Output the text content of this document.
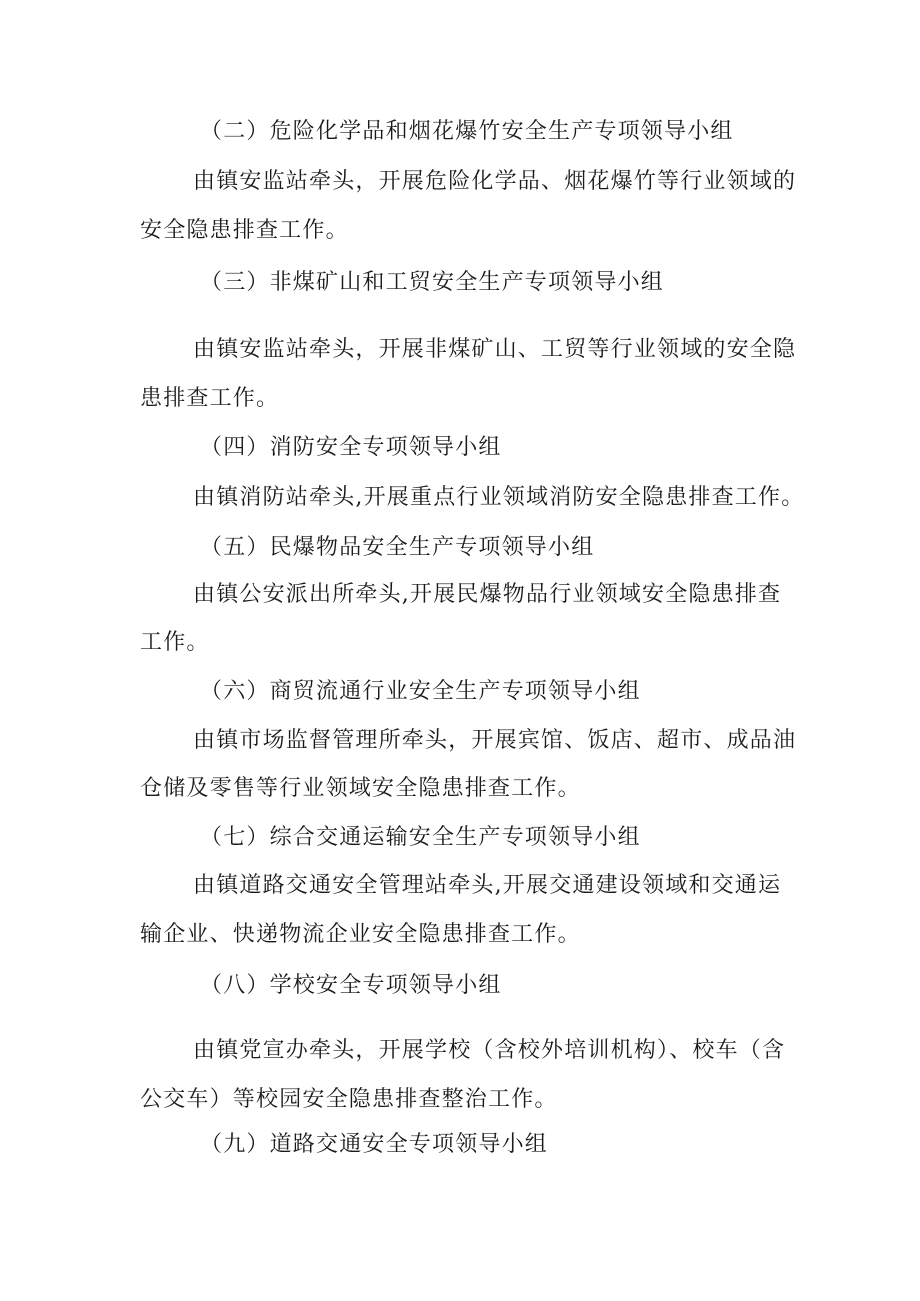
（二）危险化学品和烟花爆竹安全生产专项领导小组

由镇安监站牵头，开展危险化学品、烟花爆竹等行业领域的

安全隐患排查工作。

（三）非煤矿山和工贸安全生产专项领导小组

由镇安监站牵头，开展非煤矿山、工贸等行业领域的安全隐

患排查工作。

（四）消防安全专项领导小组

由镇消防站牵头,开展重点行业领域消防安全隐患排查工作。

（五）民爆物品安全生产专项领导小组

由镇公安派出所牵头,开展民爆物品行业领域安全隐患排查

工作。

（六）商贸流通行业安全生产专项领导小组

由镇市场监督管理所牵头，开展宾馆、饭店、超市、成品油

仓储及零售等行业领域安全隐患排查工作。

（七）综合交通运输安全生产专项领导小组

由镇道路交通安全管理站牵头,开展交通建设领域和交通运

输企业、快递物流企业安全隐患排查工作。

（八）学校安全专项领导小组

由镇党宣办牵头，开展学校（含校外培训机构）、校车（含

公交车）等校园安全隐患排查整治工作。

（九）道路交通安全专项领导小组
